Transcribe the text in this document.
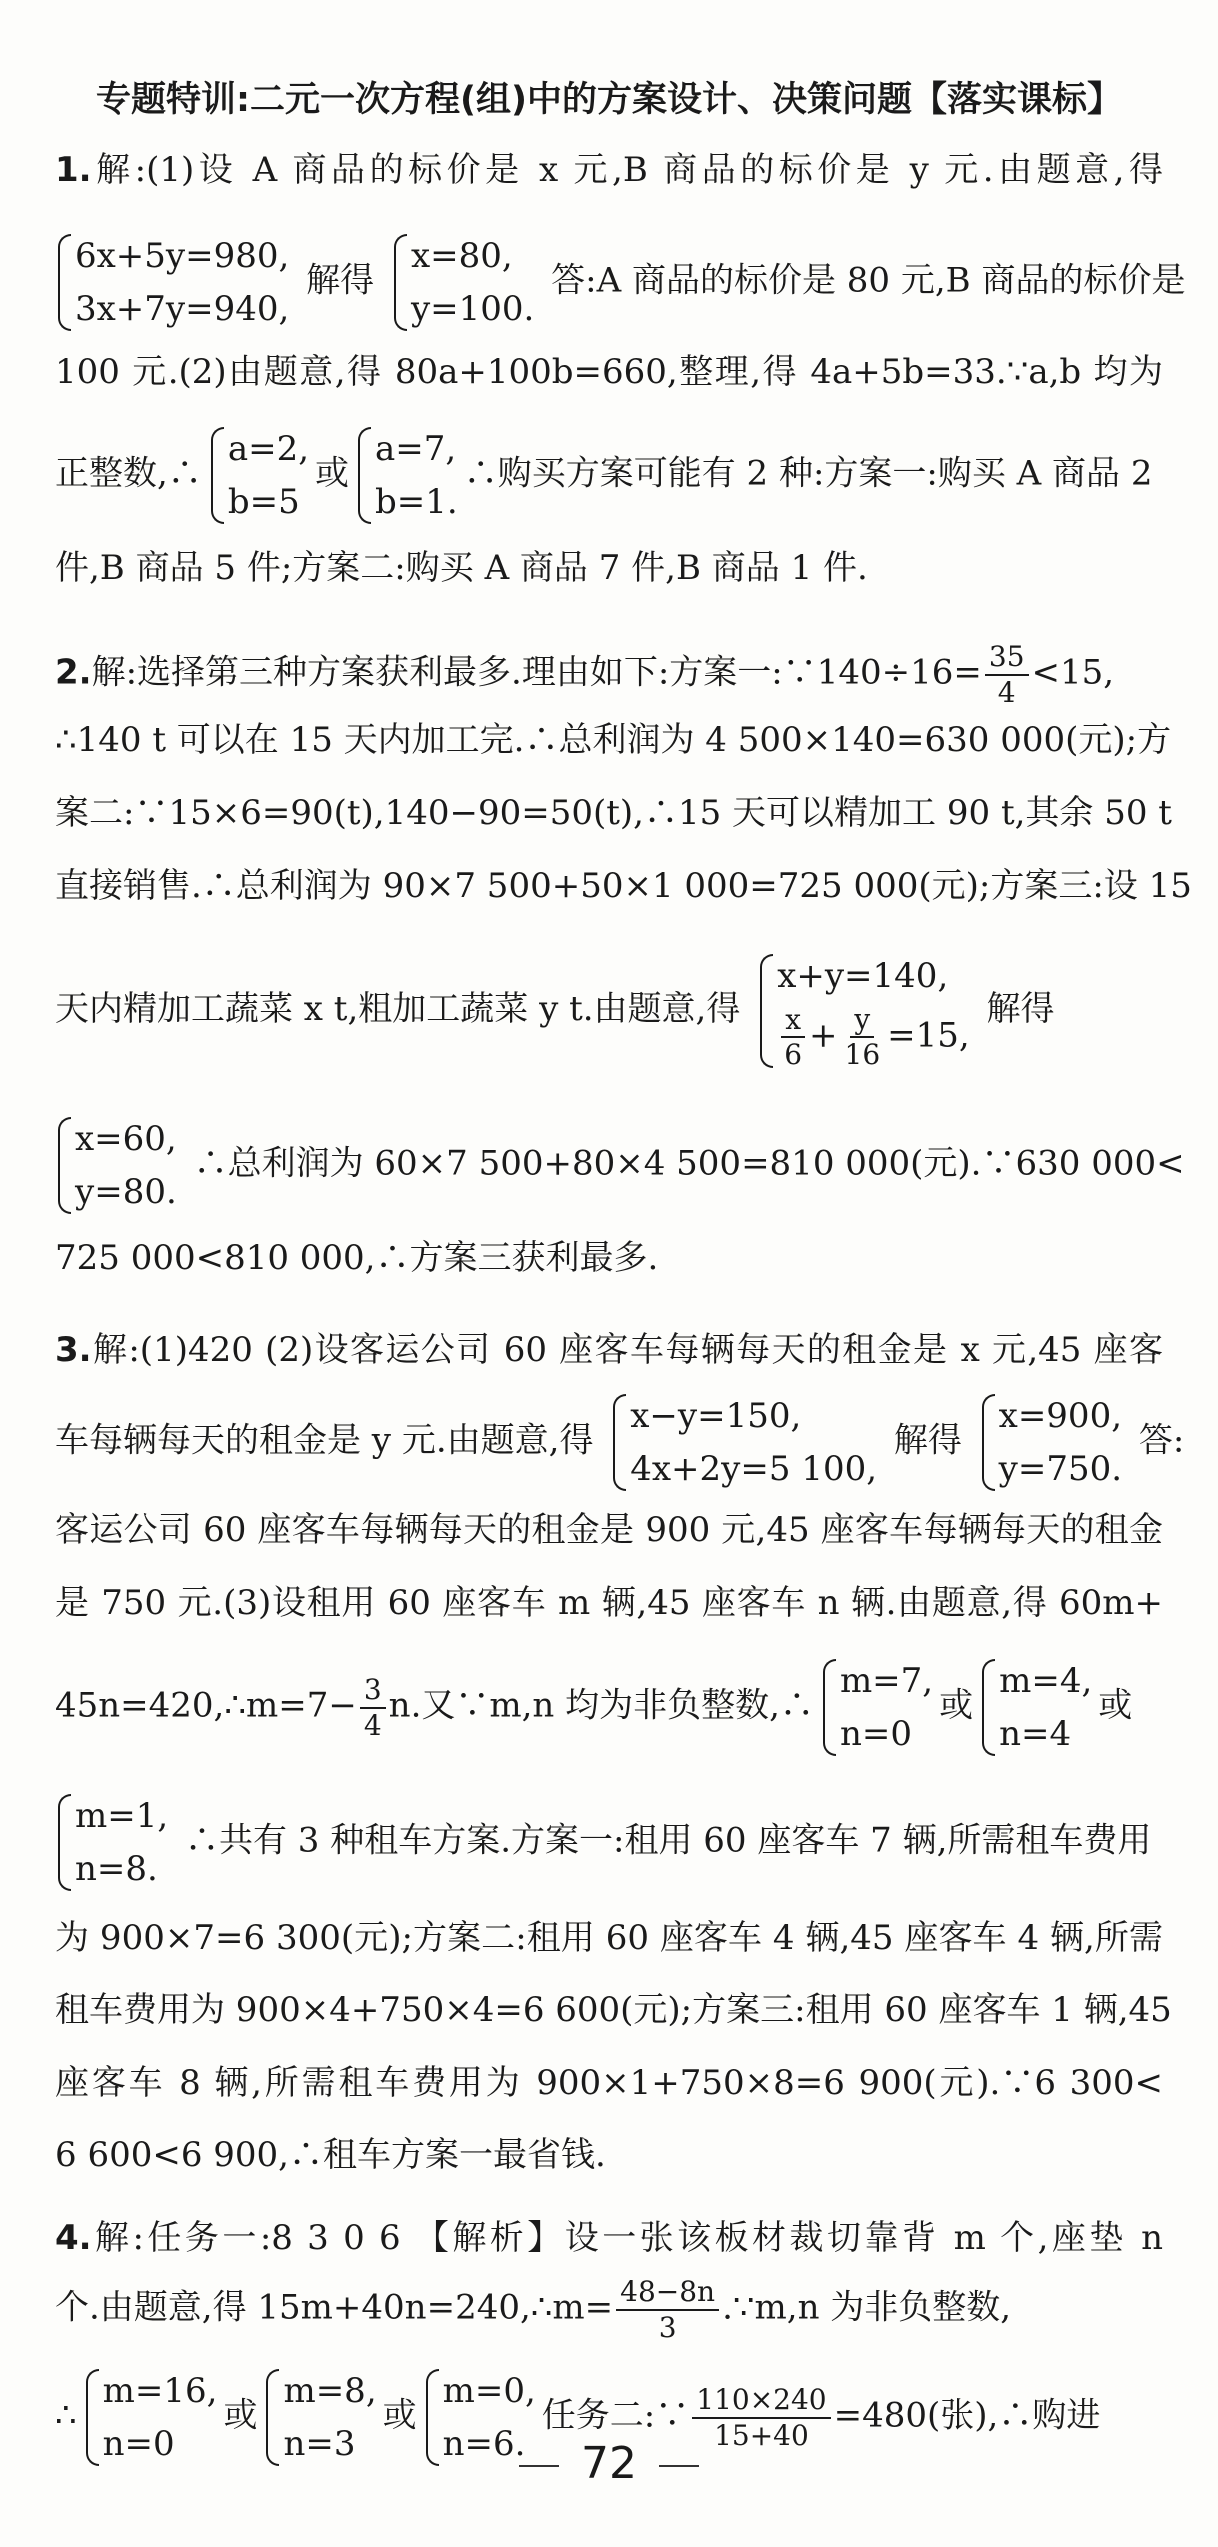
专题特训:二元一次方程(组)中的方案设计、决策问题【落实课标】
1.解:(1)设 A 商品的标价是 x 元,B 商品的标价是 y 元.由题意,得
6x+5y=980,
3x+7y=940,
解得
x=80,
y=100.
答:A 商品的标价是 80 元,B 商品的标价是
100 元.(2)由题意,得 80a+100b=660,整理,得 4a+5b=33.∵a,b 均为
正整数,∴
a=2,
b=5
或
a=7,
b=1.
∴购买方案可能有 2 种:方案一:购买 A 商品 2
件,B 商品 5 件;方案二:购买 A 商品 7 件,B 商品 1 件.
2.解:选择第三种方案获利最多.理由如下:方案一:∵140÷16= $\frac{35}{4} <15$,
∴140 t 可以在 15 天内加工完.∴总利润为 4 500×140=630 000(元);方
案二:∵15×6=90(t),140−90=50(t),∴15 天可以精加工 90 t,其余 50 t
直接销售.∴总利润为 90×7 500+50×1 000=725 000(元);方案三:设 15
天内精加工蔬菜 x t,粗加工蔬菜 y t.由题意,得
x+y=140,
$\frac{x}{6} + \frac{y}{16} =15$,
解得
x=60,
y=80.
∴总利润为 60×7 500+80×4 500=810 000(元).∵630 000<
725 000<810 000,∴方案三获利最多.
3.解:(1)420 (2)设客运公司 60 座客车每辆每天的租金是 x 元,45 座客
车每辆每天的租金是 y 元.由题意,得
x−y=150,
4x+2y=5 100,
解得
x=900,
y=750.
答:
客运公司 60 座客车每辆每天的租金是 900 元,45 座客车每辆每天的租金
是 750 元.(3)设租用 60 座客车 m 辆,45 座客车 n 辆.由题意,得 60m+
45n=420,∴m=7− $\frac{3}{4} n$.又∵m,n 均为非负整数,∴
m=7,
n=0
或
m=4,
n=4
或
m=1,
n=8.
∴共有 3 种租车方案.方案一:租用 60 座客车 7 辆,所需租车费用
为 900×7=6 300(元);方案二:租用 60 座客车 4 辆,45 座客车 4 辆,所需
租车费用为 900×4+750×4=6 600(元);方案三:租用 60 座客车 1 辆,45
座客车 8 辆,所需租车费用为 900×1+750×8=6 900(元).∵6 300<
6 600<6 900,∴租车方案一最省钱.
4.解:任务一:8 3 0 6 【解析】设一张该板材裁切靠背 m 个,座垫 n
个.由题意,得 15m+40n=240,∴m= $\frac{48-8n}{3}$ .∵m,n 为非负整数,
∴
m=16,
n=0
或
m=8,
n=3
或
m=0,
n=6.
任务二:∵ $\frac{110\times 240}{15+40} =480$(张),∴购进
72
